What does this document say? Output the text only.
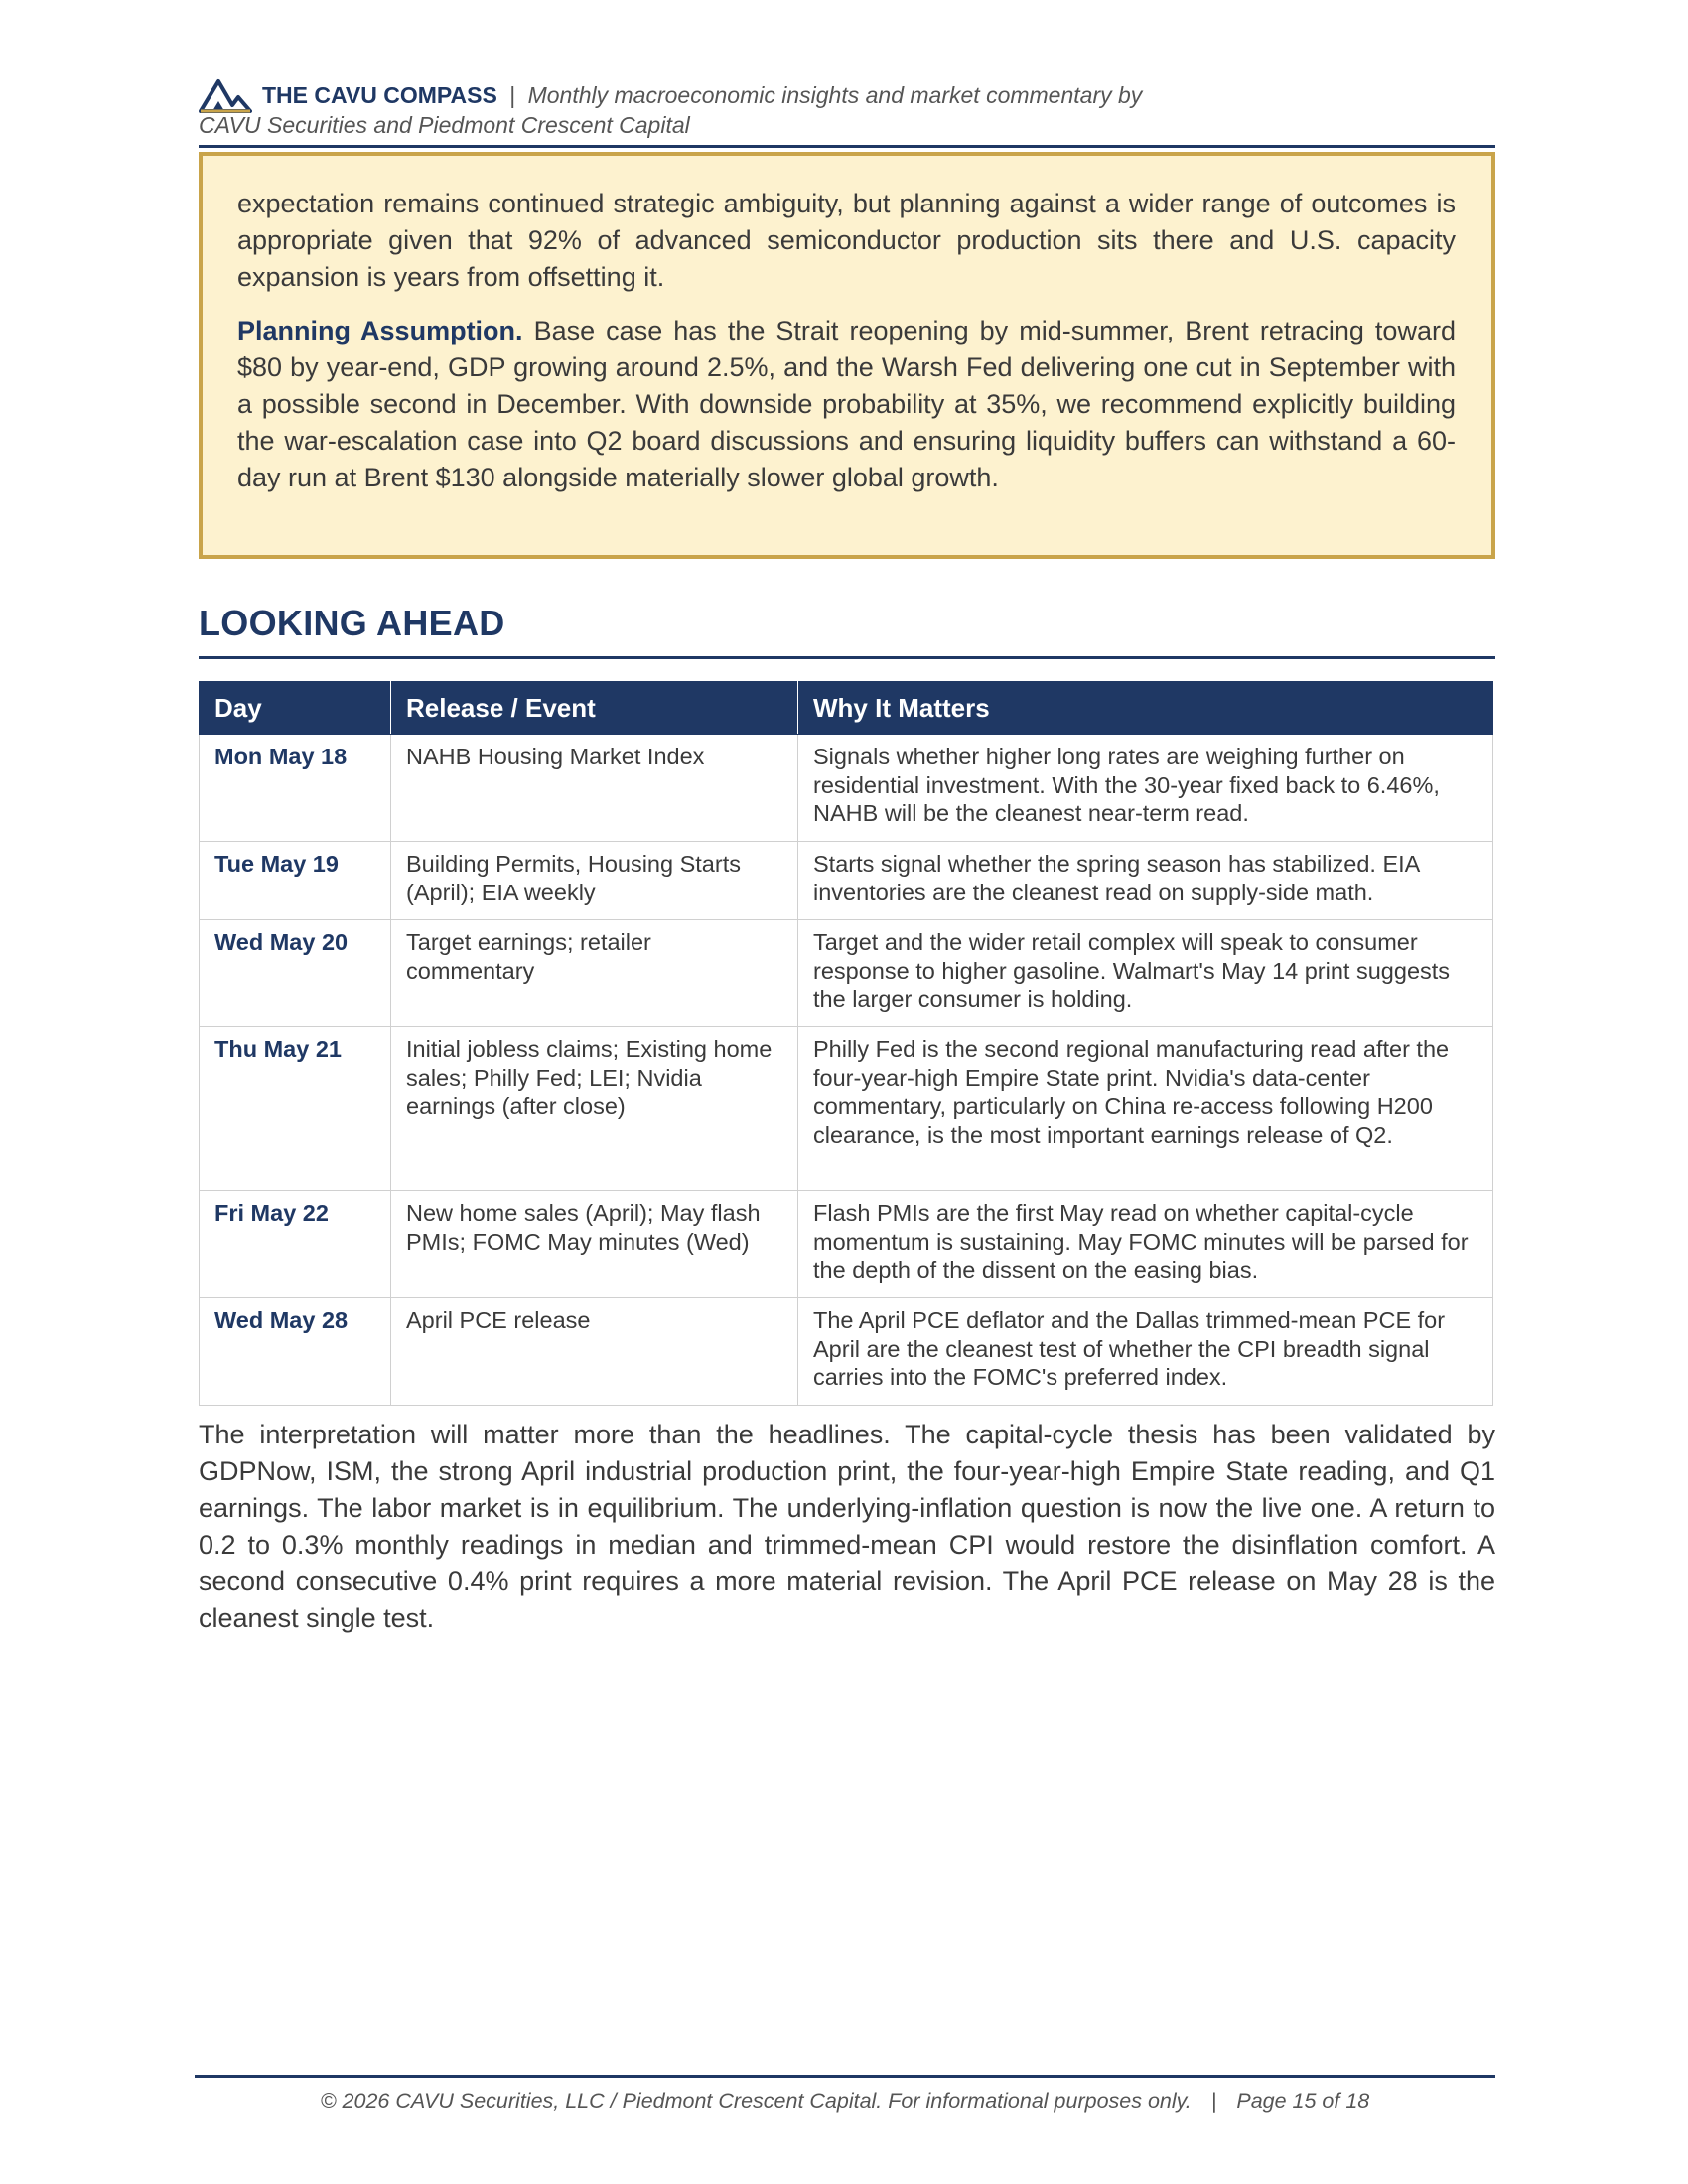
THE CAVU COMPASS | Monthly macroeconomic insights and market commentary by
CAVU Securities and Piedmont Crescent Capital

expectation remains continued strategic ambiguity, but planning against a wider range of outcomes is appropriate given that 92% of advanced semiconductor production sits there and U.S. capacity expansion is years from offsetting it.

Planning Assumption. Base case has the Strait reopening by mid-summer, Brent retracing toward $80 by year-end, GDP growing around 2.5%, and the Warsh Fed delivering one cut in September with a possible second in December. With downside probability at 35%, we recommend explicitly building the war-escalation case into Q2 board discussions and ensuring liquidity buffers can withstand a 60-day run at Brent $130 alongside materially slower global growth.

LOOKING AHEAD
Day	Release / Event	Why It Matters
Mon May 18	NAHB Housing Market Index	Signals whether higher long rates are weighing further on residential investment. With the 30-year fixed back to 6.46%, NAHB will be the cleanest near-term read.
Tue May 19	Building Permits, Housing Starts (April); EIA weekly	Starts signal whether the spring season has stabilized. EIA inventories are the cleanest read on supply-side math.
Wed May 20	Target earnings; retailer commentary	Target and the wider retail complex will speak to consumer response to higher gasoline. Walmart's May 14 print suggests the larger consumer is holding.
Thu May 21	Initial jobless claims; Existing home sales; Philly Fed; LEI; Nvidia earnings (after close)	Philly Fed is the second regional manufacturing read after the four-year-high Empire State print. Nvidia's data-center commentary, particularly on China re-access following H200 clearance, is the most important earnings release of Q2.
Fri May 22	New home sales (April); May flash PMIs; FOMC May minutes (Wed)	Flash PMIs are the first May read on whether capital-cycle momentum is sustaining. May FOMC minutes will be parsed for the depth of the dissent on the easing bias.
Wed May 28	April PCE release	The April PCE deflator and the Dallas trimmed-mean PCE for April are the cleanest test of whether the CPI breadth signal carries into the FOMC's preferred index.

The interpretation will matter more than the headlines. The capital-cycle thesis has been validated by GDPNow, ISM, the strong April industrial production print, the four-year-high Empire State reading, and Q1 earnings. The labor market is in equilibrium. The underlying-inflation question is now the live one. A return to 0.2 to 0.3% monthly readings in median and trimmed-mean CPI would restore the disinflation comfort. A second consecutive 0.4% print requires a more material revision. The April PCE release on May 28 is the cleanest single test.

© 2026 CAVU Securities, LLC / Piedmont Crescent Capital. For informational purposes only. | Page 15 of 18
